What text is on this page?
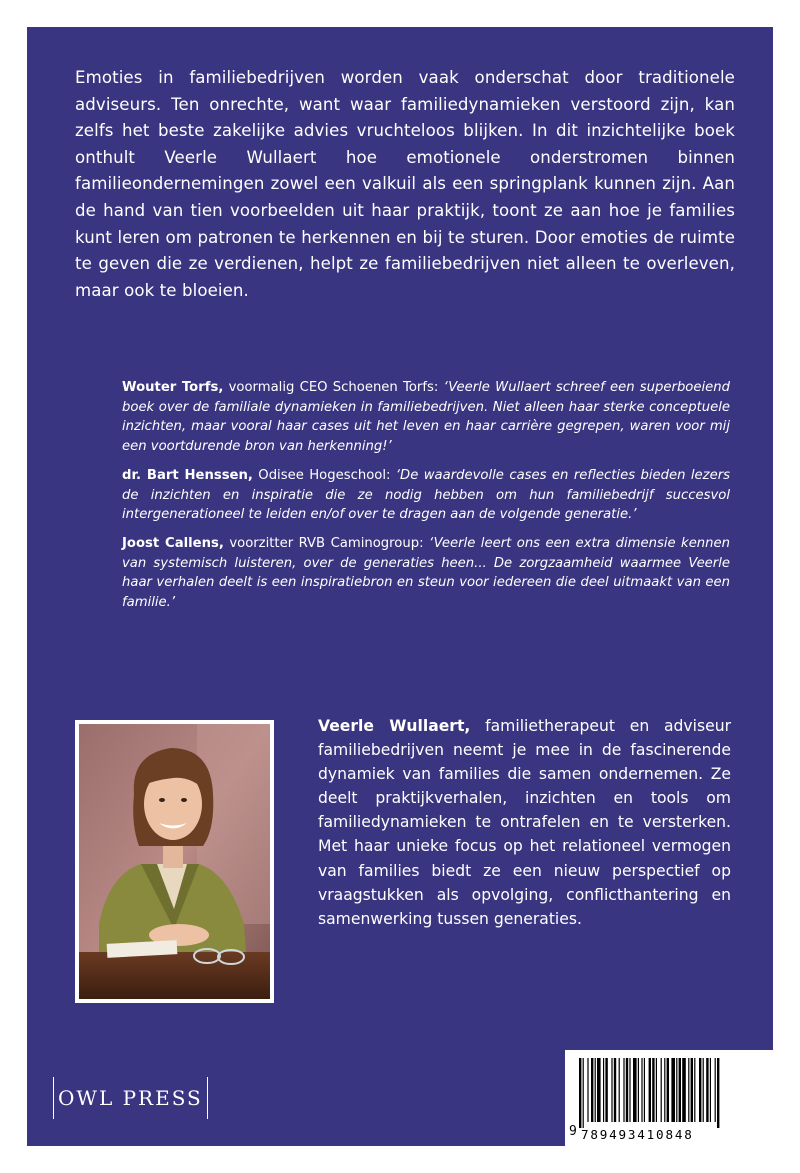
Emoties in familiebedrijven worden vaak onderschat door traditionele adviseurs. Ten onrechte, want waar familiedynamieken verstoord zijn, kan zelfs het beste zakelijke advies vruchteloos blijken. In dit inzichtelijke boek onthult Veerle Wullaert hoe emotionele onderstromen binnen familieondernemingen zowel een valkuil als een springplank kunnen zijn. Aan de hand van tien voorbeelden uit haar praktijk, toont ze aan hoe je families kunt leren om patronen te herkennen en bij te sturen. Door emoties de ruimte te geven die ze verdienen, helpt ze familiebedrijven niet alleen te overleven, maar ook te bloeien.

Wouter Torfs, voormalig CEO Schoenen Torfs: ‘Veerle Wullaert schreef een superboeiend boek over de familiale dynamieken in familiebedrijven. Niet alleen haar sterke conceptuele inzichten, maar vooral haar cases uit het leven en haar carrière gegrepen, waren voor mij een voortdurende bron van herkenning!’

dr. Bart Henssen, Odisee Hogeschool: ‘De waardevolle cases en reflecties bieden lezers de inzichten en inspiratie die ze nodig hebben om hun familiebedrijf succesvol intergenerationeel te leiden en/of over te dragen aan de volgende generatie.’

Joost Callens, voorzitter RVB Caminogroup: ‘Veerle leert ons een extra dimensie kennen van systemisch luisteren, over de generaties heen... De zorgzaamheid waarmee Veerle haar verhalen deelt is een inspiratiebron en steun voor iedereen die deel uitmaakt van een familie.’

Veerle Wullaert, familietherapeut en adviseur familiebedrijven neemt je mee in de fascinerende dynamiek van families die samen ondernemen. Ze deelt praktijkverhalen, inzichten en tools om familiedynamieken te ontrafelen en te versterken. Met haar unieke focus op het relationeel vermogen van families biedt ze een nieuw perspectief op vraagstukken als opvolging, conflicthantering en samenwerking tussen generaties.
OWL PRESS
9 789493410848
